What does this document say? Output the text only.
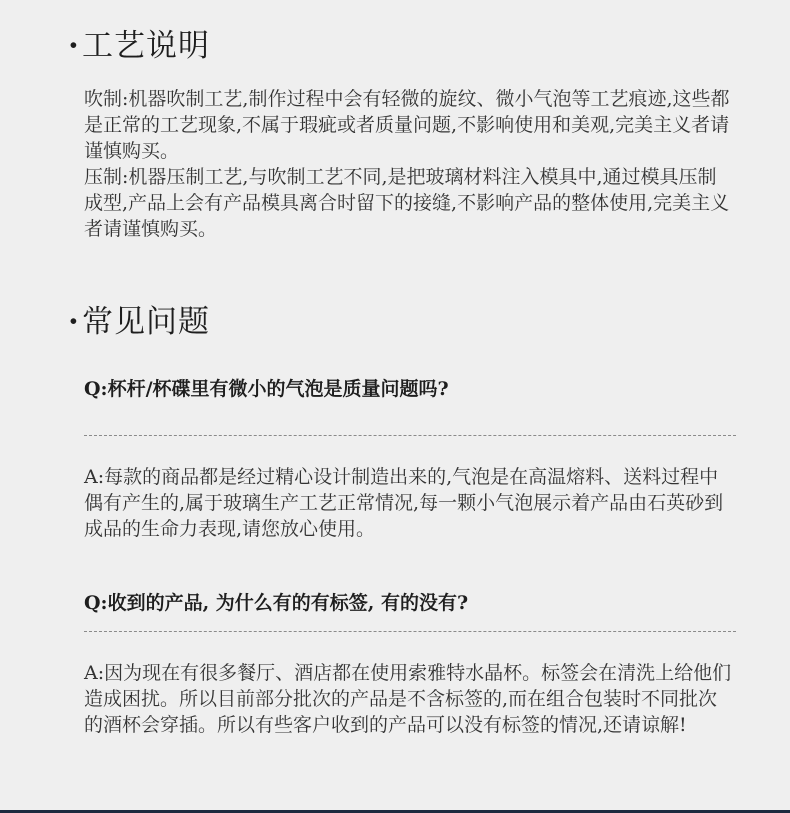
·工艺说明

吹制:机器吹制工艺,制作过程中会有轻微的旋纹、微小气泡等工艺痕迹,这些都是正常的工艺现象,不属于瑕疵或者质量问题,不影响使用和美观,完美主义者请谨慎购买。

压制:机器压制工艺,与吹制工艺不同,是把玻璃材料注入模具中,通过模具压制成型,产品上会有产品模具离合时留下的接缝,不影响产品的整体使用,完美主义者请谨慎购买。

·常见问题
Q:杯杆/杯碟里有微小的气泡是质量问题吗?

A:每款的商品都是经过精心设计制造出来的,气泡是在高温熔料、送料过程中偶有产生的,属于玻璃生产工艺正常情况,每一颗小气泡展示着产品由石英砂到成品的生命力表现,请您放心使用。

Q:收到的产品, 为什么有的有标签, 有的没有?

A:因为现在有很多餐厅、酒店都在使用索雅特水晶杯。标签会在清洗上给他们造成困扰。所以目前部分批次的产品是不含标签的,而在组合包装时不同批次的酒杯会穿插。所以有些客户收到的产品可以没有标签的情况,还请谅解!
